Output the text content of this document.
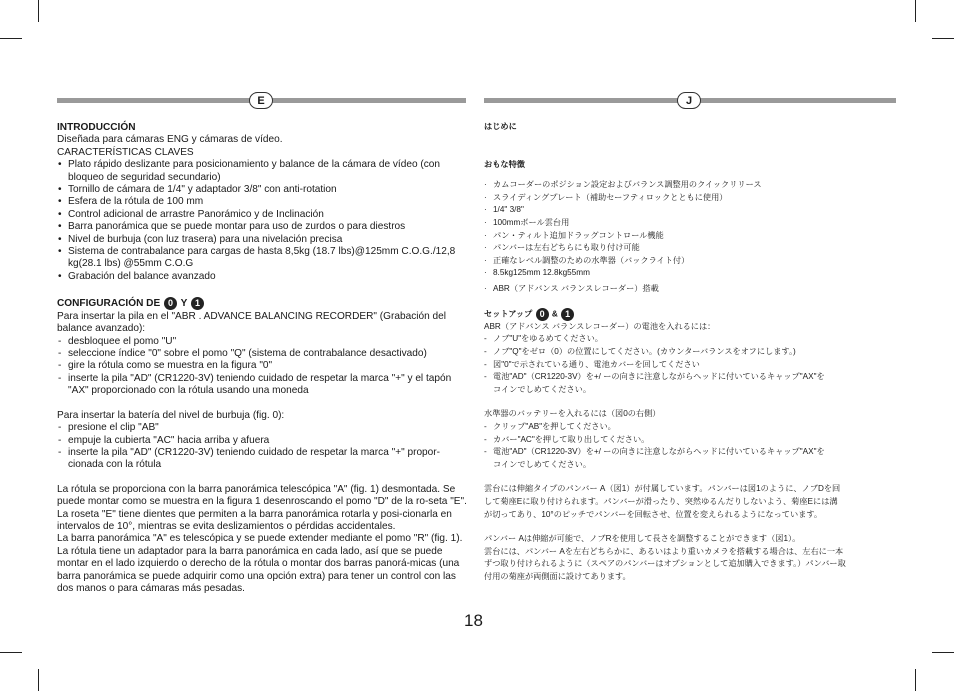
E	J

INTRODUCCIÓN

Diseñada para cámaras ENG y cámaras de vídeo.

CARACTERÍSTICAS CLAVES

• Plato rápido deslizante para posicionamiento y balance de la cámara de vídeo (con bloqueo de seguridad secundario)

• Tornillo de cámara de 1/4" y adaptador 3/8" con anti-rotation

• Esfera de la rótula de 100 mm

• Control adicional de arrastre Panorámico y de Inclinación

• Barra panorámica que se puede montar para uso de zurdos o para diestros

• Nivel de burbuja (con luz trasera) para una nivelación precisa

• Sistema de contrabalance para cargas de hasta 8,5kg (18.7 lbs)@125mm C.O.G./12,8 kg(28.1 lbs) @55mm C.O.G

• Grabación del balance avanzado

CONFIGURACIÓN DE 0 Y 1

Para insertar la pila en el "ABR . ADVANCE BALANCING RECORDER" (Grabación del balance avanzado):

- desbloquee el pomo "U"

- seleccione índice "0" sobre el pomo "Q" (sistema de contrabalance desactivado)

- gire la rótula como se muestra en la figura "0"

- inserte la pila "AD" (CR1220-3V) teniendo cuidado de respetar la marca "+" y el tapón "AX" proporcionado con la rótula usando una moneda

Para insertar la batería del nivel de burbuja (fig. 0):

- presione el clip "AB"

- empuje la cubierta "AC" hacia arriba y afuera

- inserte la pila "AD" (CR1220-3V) teniendo cuidado de respetar la marca "+" propor-cionada con la rótula

La rótula se proporciona con la barra panorámica telescópica "A" (fig. 1) desmontada. Se puede montar como se muestra en la figura 1 desenroscando el pomo "D" de la ro-seta "E". La roseta "E" tiene dientes que permiten a la barra panorámica rotarla y posi-cionarla en intervalos de 10°, mientras se evita deslizamientos o pérdidas accidentales.

La barra panorámica "A" es telescópica y se puede extender mediante el pomo "R" (fig. 1). La rótula tiene un adaptador para la barra panorámica en cada lado, así que se puede montar en el lado izquierdo o derecho de la rótula o montar dos barras panorá-micas (una barra panorámica se puede adquirir como una opción extra) para tener un control con las dos manos o para cámaras más pesadas.

はじめに

おもな特徴

· カムコーダーのポジション設定およびバランス調整用のクイックリリース

· スライディングプレート（補助セーフティロックとともに使用）

· 1/4" 3/8"

· 100mmボール雲台用

· パン・ティルト追加ドラッグコントロール機能

· パンバーは左右どちらにも取り付け可能

· 正確なレベル調整のための水準器（バックライト付）

· 8.5kg125mm 12.8kg55mm

· ABR（アドバンス バランスレコーダー）搭載

セットアップ 0 & 1

ABR（アドバンス バランスレコーダー）の電池を入れるには：

- ノブ"U"をゆるめてください。

- ノブ"Q"をゼロ（0）の位置にしてください。(カウンターバランスをオフにします。)

- 図"0"で示されている通り、電池カバーを回してください

- 電池"AD"（CR1220-3V）を+/ ーの向きに注意しながらヘッドに付いているキャップ"AX"を

コインでしめてください。

水準器のバッテリーを入れるには（図0の右側）

- クリップ"AB"を押してください。

- カバー"AC"を押して取り出してください。

- 電池"AD"（CR1220-3V）を+/ ーの向きに注意しながらヘッドに付いているキャップ"AX"を

コインでしめてください。

雲台には伸縮タイプのパンバー A（図1）が付属しています。パンバーは図1のように、ノブDを回

して菊座Eに取り付けられます。パンバーが滑ったり、突然ゆるんだりしないよう、菊座Eには溝

が切ってあり、10°のピッチでパンバーを回転させ、位置を変えられるようになっています。

パンバー Aは伸縮が可能で、ノブRを使用して長さを調整することができます（図1）。

雲台には、パンバー Aを左右どちらかに、あるいはより重いカメラを搭載する場合は、左右に一本

ずつ取り付けられるように（スペアのパンバーはオプションとして追加購入できます。）パンバー取

付用の菊座が両側面に設けてあります。

18
